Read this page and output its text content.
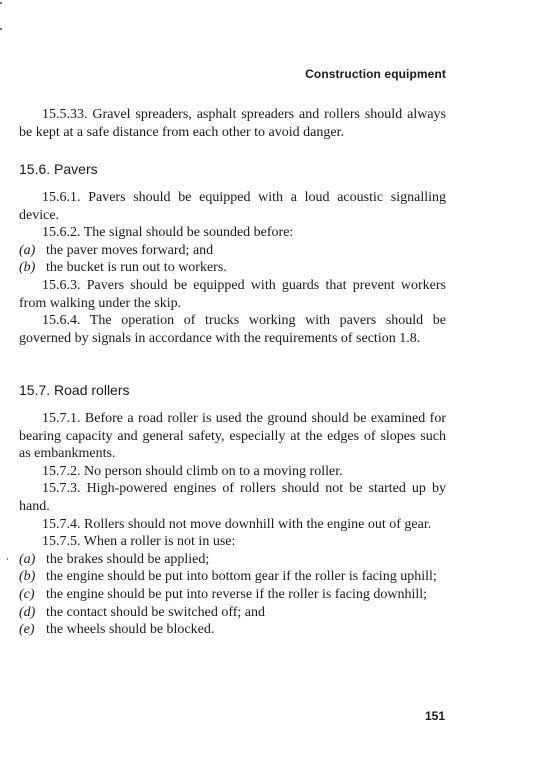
Construction equipment

15.5.33. Gravel spreaders, asphalt spreaders and rollers should always be kept at a safe distance from each other to avoid danger.

15.6. Pavers

15.6.1. Pavers should be equipped with a loud acoustic signalling device.

15.6.2. The signal should be sounded before:

(a) the paver moves forward; and

(b) the bucket is run out to workers.

15.6.3. Pavers should be equipped with guards that prevent workers from walking under the skip.

15.6.4. The operation of trucks working with pavers should be governed by signals in accordance with the requirements of section 1.8.

15.7. Road rollers

15.7.1. Before a road roller is used the ground should be examined for bearing capacity and general safety, especially at the edges of slopes such as embankments.

15.7.2. No person should climb on to a moving roller.

15.7.3. High-powered engines of rollers should not be started up by hand.

15.7.4. Rollers should not move downhill with the engine out of gear.

15.7.5. When a roller is not in use:

(a) the brakes should be applied;

(b) the engine should be put into bottom gear if the roller is facing uphill;

(c) the engine should be put into reverse if the roller is facing downhill;

(d) the contact should be switched off; and

(e) the wheels should be blocked.

151
